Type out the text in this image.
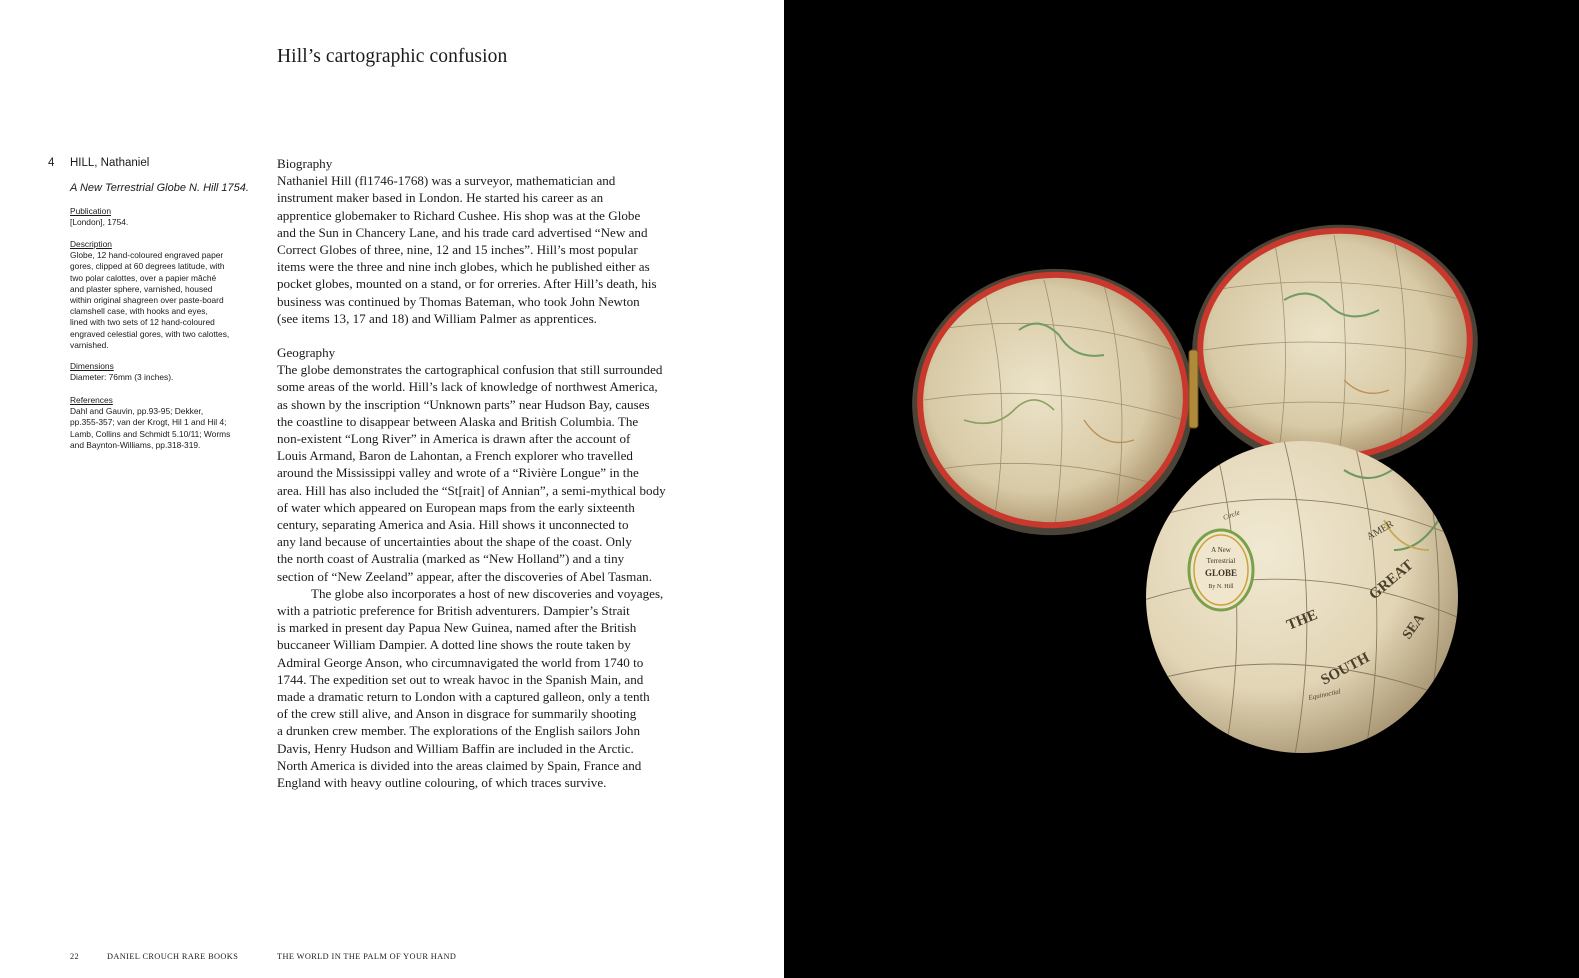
Hill’s cartographic confusion
4 HILL, Nathaniel
A New Terrestrial Globe N. Hill 1754.
Publication
[London], 1754.
Description
Globe, 12 hand-coloured engraved paper
gores, clipped at 60 degrees latitude, with
two polar calottes, over a papier mâché
and plaster sphere, varnished, housed
within original shagreen over paste-board
clamshell case, with hooks and eyes,
lined with two sets of 12 hand-coloured
engraved celestial gores, with two calottes,
varnished.
Dimensions
Diameter: 76mm (3 inches).
References
Dahl and Gauvin, pp.93-95; Dekker,
pp.355-357; van der Krogt, Hil 1 and Hil 4;
Lamb, Collins and Schmidt 5.10/11; Worms
and Baynton-Williams, pp.318-319.
Biography
Nathaniel Hill (fl1746-1768) was a surveyor, mathematician and
instrument maker based in London. He started his career as an
apprentice globemaker to Richard Cushee. His shop was at the Globe
and the Sun in Chancery Lane, and his trade card advertised “New and
Correct Globes of three, nine, 12 and 15 inches”. Hill’s most popular
items were the three and nine inch globes, which he published either as
pocket globes, mounted on a stand, or for orreries. After Hill’s death, his
business was continued by Thomas Bateman, who took John Newton
(see items 13, 17 and 18) and William Palmer as apprentices.
Geography
The globe demonstrates the cartographical confusion that still surrounded
some areas of the world. Hill’s lack of knowledge of northwest America,
as shown by the inscription “Unknown parts” near Hudson Bay, causes
the coastline to disappear between Alaska and British Columbia. The
non-existent “Long River” in America is drawn after the account of
Louis Armand, Baron de Lahontan, a French explorer who travelled
around the Mississippi valley and wrote of a “Rivière Longue” in the
area. Hill has also included the “St[rait] of Annian”, a semi-mythical body
of water which appeared on European maps from the early sixteenth
century, separating America and Asia. Hill shows it unconnected to
any land because of uncertainties about the shape of the coast. Only
the north coast of Australia (marked as “New Holland”) and a tiny
section of “New Zeeland” appear, after the discoveries of Abel Tasman.
The globe also incorporates a host of new discoveries and voyages,
with a patriotic preference for British adventurers. Dampier’s Strait
is marked in present day Papua New Guinea, named after the British
buccaneer William Dampier. A dotted line shows the route taken by
Admiral George Anson, who circumnavigated the world from 1740 to
1744. The expedition set out to wreak havoc in the Spanish Main, and
made a dramatic return to London with a captured galleon, only a tenth
of the crew still alive, and Anson in disgrace for summarily shooting
a drunken crew member. The explorations of the English sailors John
Davis, Henry Hudson and William Baffin are included in the Arctic.
North America is divided into the areas claimed by Spain, France and
England with heavy outline colouring, of which traces survive.
22	DANIEL CROUCH RARE BOOKS	THE WORLD IN THE PALM OF YOUR HAND
A New
Terrestrial
GLOBE
By N. Hill
THE
GREAT
SOUTH
SEA
AMER
Equinoctial
Circle
